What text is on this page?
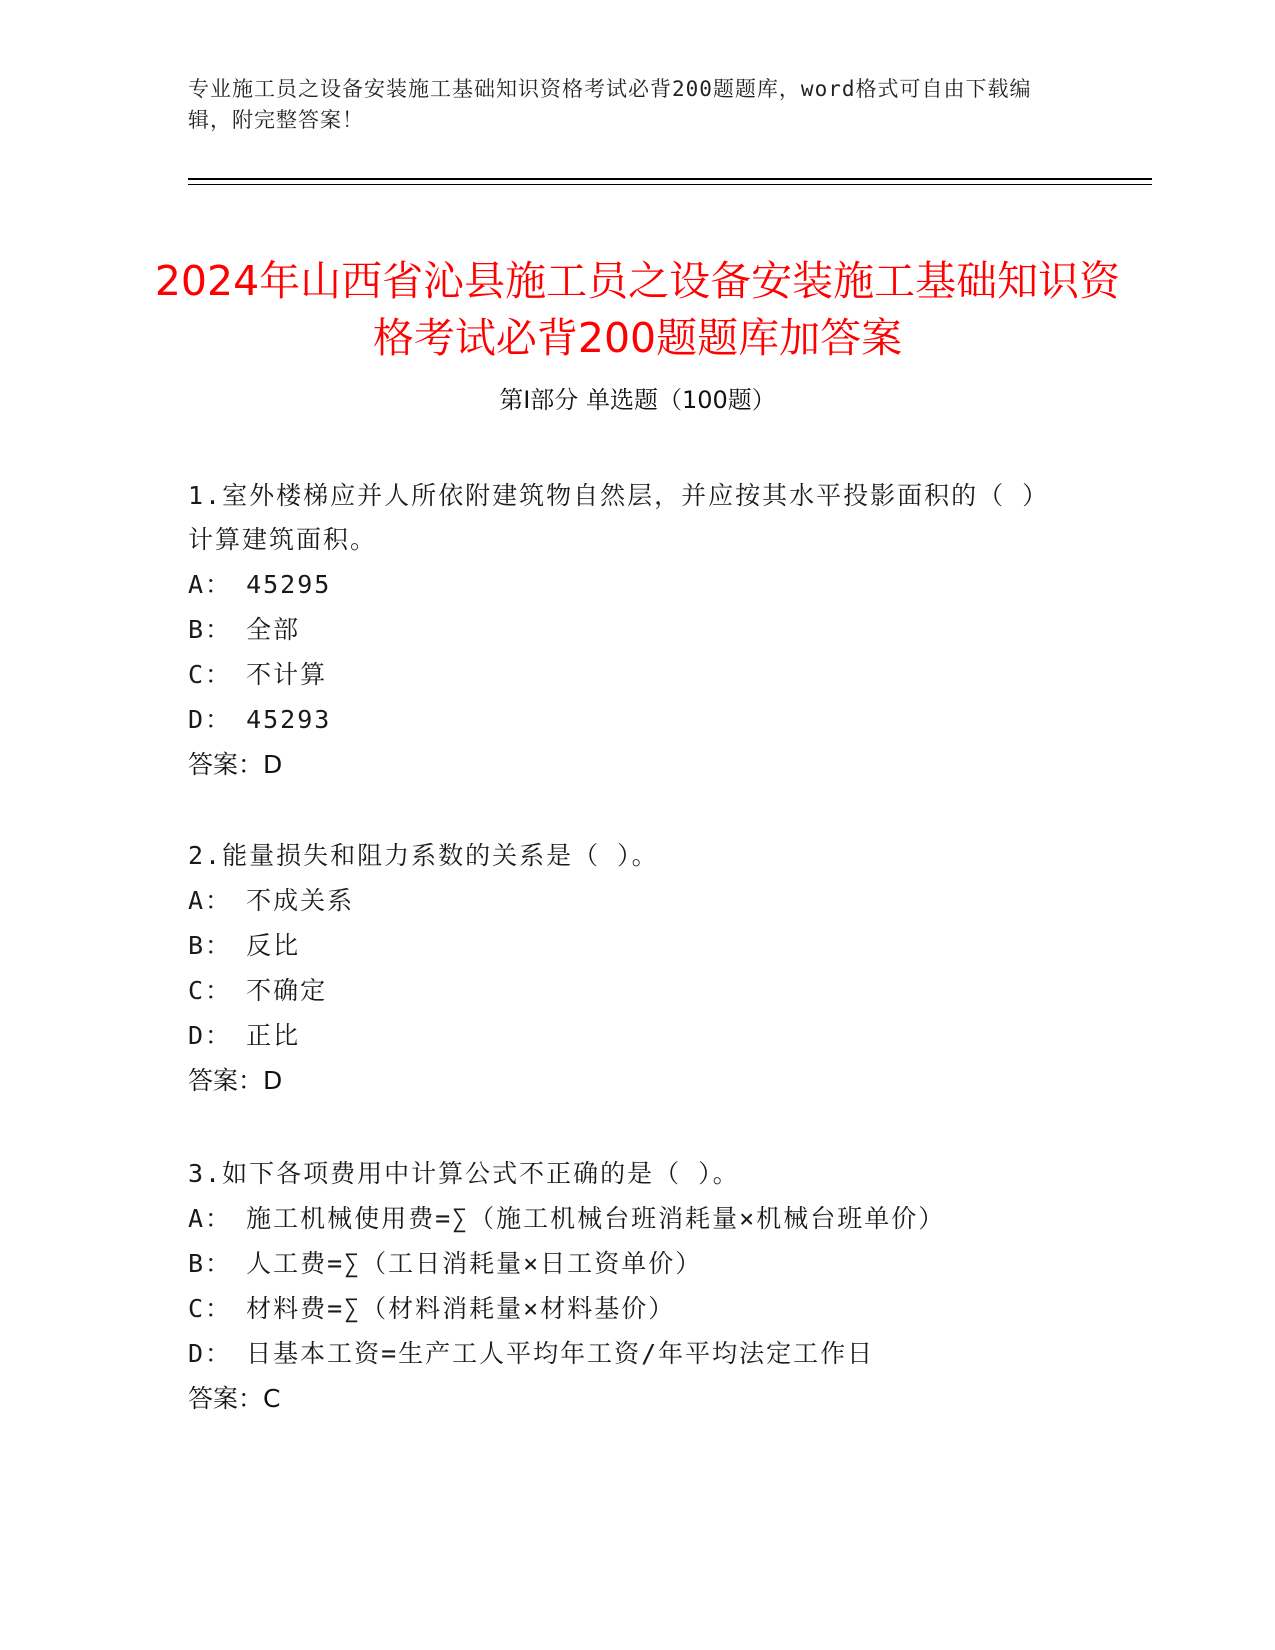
专业施工员之设备安装施工基础知识资格考试必背200题题库，word格式可自由下载编辑，附完整答案！
2024年山西省沁县施工员之设备安装施工基础知识资格考试必背200题题库加答案
第Ⅰ部分 单选题（100题）

1.室外楼梯应并人所依附建筑物自然层，并应按其水平投影面积的（ ）计算建筑面积。

A： 45295

B： 全部

C： 不计算

D： 45293

答案：D

2.能量损失和阻力系数的关系是（ ）。

A： 不成关系

B： 反比

C： 不确定

D： 正比

答案：D

3.如下各项费用中计算公式不正确的是（ ）。

A： 施工机械使用费=∑（施工机械台班消耗量×机械台班单价）

B： 人工费=∑（工日消耗量×日工资单价）

C： 材料费=∑（材料消耗量×材料基价）

D： 日基本工资=生产工人平均年工资/年平均法定工作日

答案：C
